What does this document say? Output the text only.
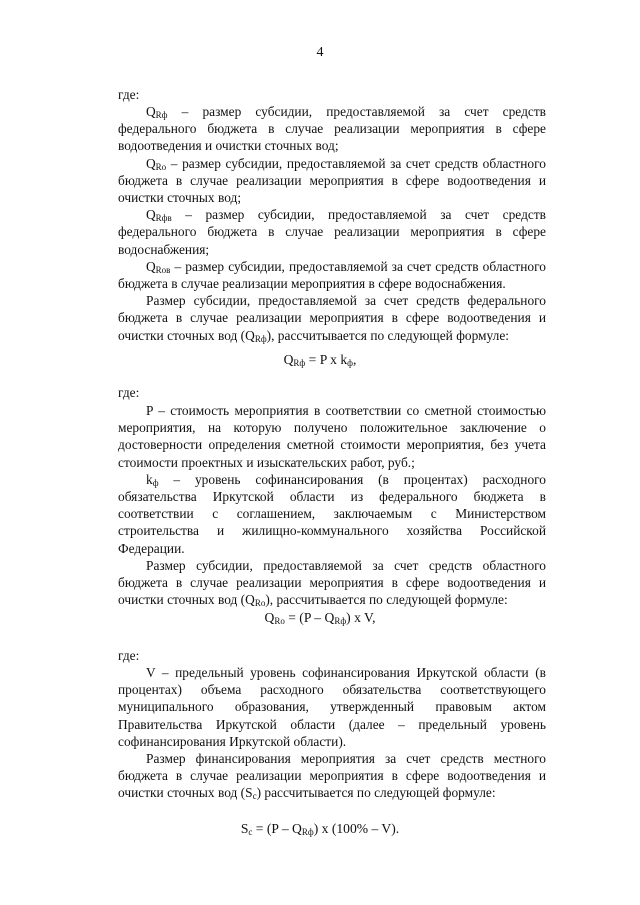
4

где:

$Q_{Rф}$ – размер субсидии, предоставляемой за счет средств федерального бюджета в случае реализации мероприятия в сфере водоотведения и очистки сточных вод;

$Q_{Ro}$ – размер субсидии, предоставляемой за счет средств областного бюджета в случае реализации мероприятия в сфере водоотведения и очистки сточных вод;

$Q_{Rфв}$ – размер субсидии, предоставляемой за счет средств федерального бюджета в случае реализации мероприятия в сфере водоснабжения;

$Q_{Roв}$ – размер субсидии, предоставляемой за счет средств областного бюджета в случае реализации мероприятия в сфере водоснабжения.

Размер субсидии, предоставляемой за счет средств федерального бюджета в случае реализации мероприятия в сфере водоотведения и очистки сточных вод $(Q_{Rф})$, рассчитывается по следующей формуле:

$Q_{Rф} = P$ x $k_ф$,

где:

P – стоимость мероприятия в соответствии со сметной стоимостью мероприятия, на которую получено положительное заключение о достоверности определения сметной стоимости мероприятия, без учета стоимости проектных и изыскательских работ, руб.;

$k_ф$ – уровень софинансирования (в процентах) расходного обязательства Иркутской области из федерального бюджета в соответствии с соглашением, заключаемым с Министерством строительства и жилищно-коммунального хозяйства Российской Федерации.

Размер субсидии, предоставляемой за счет средств областного бюджета в случае реализации мероприятия в сфере водоотведения и очистки сточных вод $(Q_{Ro})$, рассчитывается по следующей формуле:

$Q_{Ro} = (P - Q_{Rф})$ x V,

где:

V – предельный уровень софинансирования Иркутской области (в процентах) объема расходного обязательства соответствующего муниципального образования, утвержденный правовым актом Правительства Иркутской области (далее – предельный уровень софинансирования Иркутской области).

Размер финансирования мероприятия за счет средств местного бюджета в случае реализации мероприятия в сфере водоотведения и очистки сточных вод $(S_c)$ рассчитывается по следующей формуле:

$S_c = (P - Q_{Rф})$ x (100% – V).
